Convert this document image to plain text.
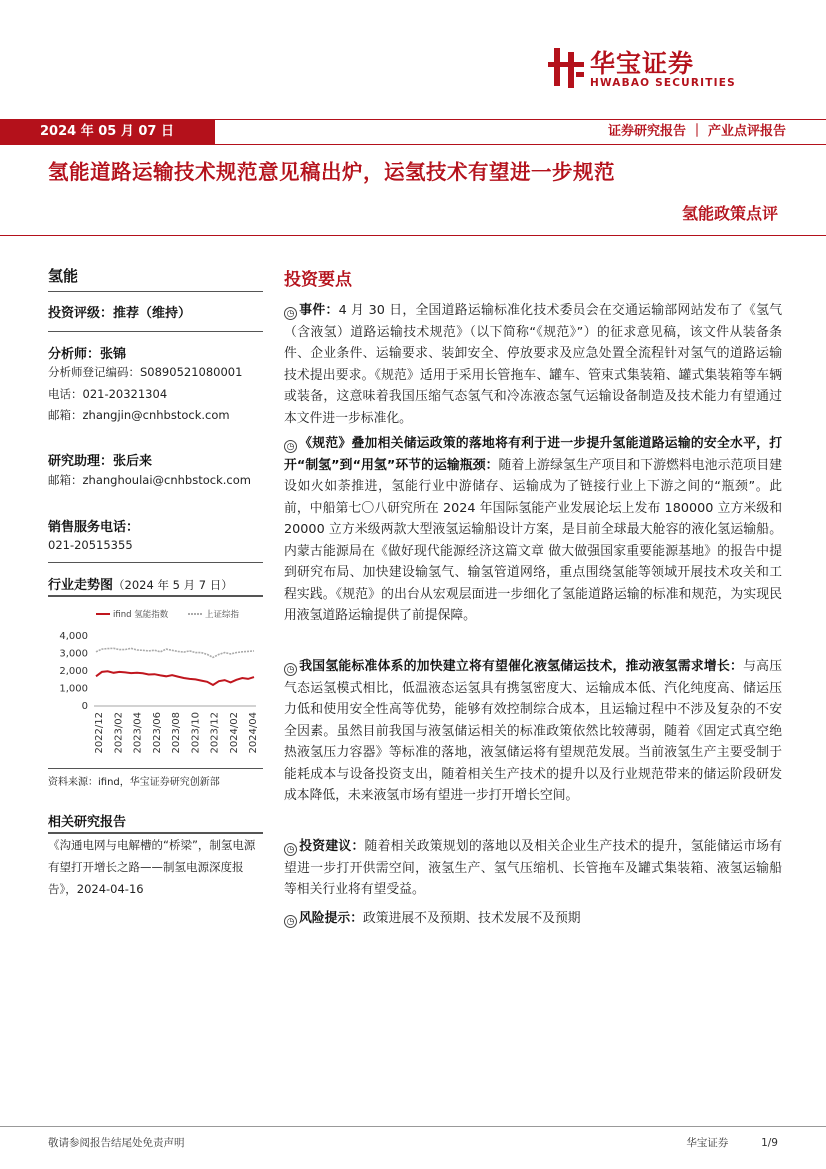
华宝证券
HWABAO SECURITIES
2024 年 05 月 07 日	证券研究报告 ｜ 产业点评报告
氢能道路运输技术规范意见稿出炉，运氢技术有望进一步规范
氢能政策点评
氢能
投资评级：推荐（维持）
分析师：张锦
分析师登记编码：S0890521080001
电话：021-20321304
邮箱：zhangjin@cnhbstock.com
研究助理：张后来
邮箱：zhanghoulai@cnhbstock.com
销售服务电话：
021-20515355
行业走势图（2024 年 5 月 7 日）
ifind 氢能指数	上证综指
4,000
3,000
2,000
1,000
0
2022/12 2023/02 2023/04 2023/06 2023/08 2023/10 2023/12 2024/02 2024/04
资料来源：ifind，华宝证券研究创新部
相关研究报告
《沟通电网与电解槽的“桥梁”，制氢电源有望打开增长之路——制氢电源深度报告》，2024-04-16
投资要点
◷ 事件：4 月 30 日，全国道路运输标准化技术委员会在交通运输部网站发布了《氢气（含液氢）道路运输技术规范》（以下简称“《规范》”）的征求意见稿，该文件从装备条件、企业条件、运输要求、装卸安全、停放要求及应急处置全流程针对氢气的道路运输技术提出要求。《规范》适用于采用长管拖车、罐车、管束式集装箱、罐式集装箱等车辆或装备，这意味着我国压缩气态氢气和冷冻液态氢气运输设备制造及技术能力有望通过本文件进一步标准化。
◷ 《规范》叠加相关储运政策的落地将有利于进一步提升氢能道路运输的安全水平，打开“制氢”到“用氢”环节的运输瓶颈：随着上游绿氢生产项目和下游燃料电池示范项目建设如火如荼推进，氢能行业中游储存、运输成为了链接行业上下游之间的“瓶颈”。此前，中船第七〇八研究所在 2024 年国际氢能产业发展论坛上发布 180000 立方米级和 20000 立方米级两款大型液氢运输船设计方案，是目前全球最大舱容的液化氢运输船。内蒙古能源局在《做好现代能源经济这篇文章 做大做强国家重要能源基地》的报告中提到研究布局、加快建设输氢气、输氢管道网络，重点围绕氢能等领域开展技术攻关和工程实践。《规范》的出台从宏观层面进一步细化了氢能道路运输的标准和规范，为实现民用液氢道路运输提供了前提保障。
◷ 我国氢能标准体系的加快建立将有望催化液氢储运技术，推动液氢需求增长：与高压气态运氢模式相比，低温液态运氢具有携氢密度大、运输成本低、汽化纯度高、储运压力低和使用安全性高等优势，能够有效控制综合成本，且运输过程中不涉及复杂的不安全因素。虽然目前我国与液氢储运相关的标准政策依然比较薄弱，随着《固定式真空绝热液氢压力容器》等标准的落地，液氢储运将有望规范发展。当前液氢生产主要受制于能耗成本与设备投资支出，随着相关生产技术的提升以及行业规范带来的储运阶段研发成本降低，未来液氢市场有望进一步打开增长空间。
◷ 投资建议：随着相关政策规划的落地以及相关企业生产技术的提升，氢能储运市场有望进一步打开供需空间，液氢生产、氢气压缩机、长管拖车及罐式集装箱、液氢运输船等相关行业将有望受益。
◷ 风险提示：政策进展不及预期、技术发展不及预期
敬请参阅报告结尾处免责声明	华宝证券	1/9
